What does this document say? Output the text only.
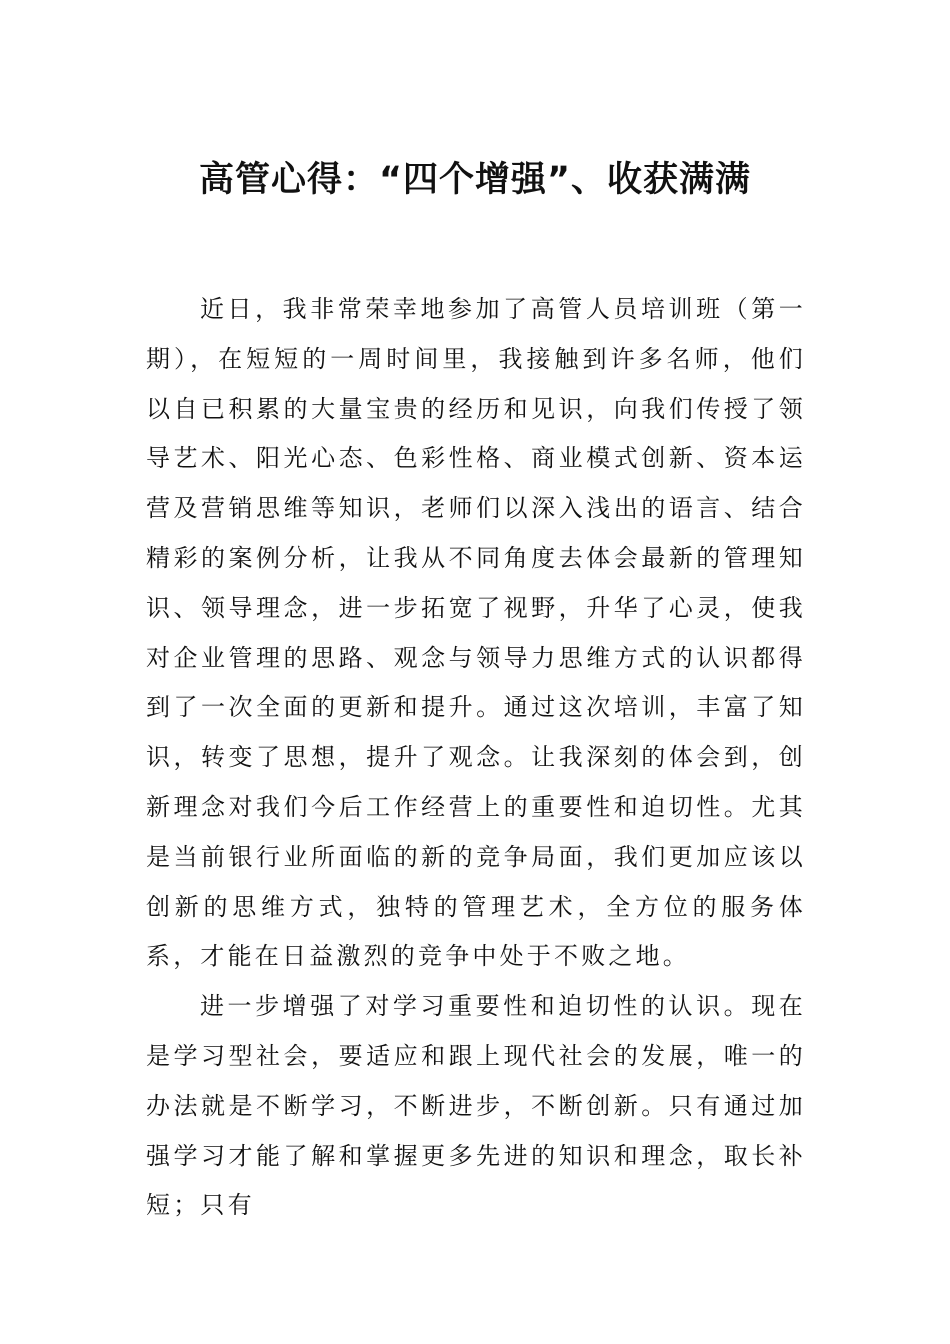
高管心得：“四个增强”、收获满满

近日，我非常荣幸地参加了高管人员培训班（第一期），在短短的一周时间里，我接触到许多名师，他们以自已积累的大量宝贵的经历和见识，向我们传授了领导艺术、阳光心态、色彩性格、商业模式创新、资本运营及营销思维等知识，老师们以深入浅出的语言、结合精彩的案例分析，让我从不同角度去体会最新的管理知识、领导理念，进一步拓宽了视野，升华了心灵，使我对企业管理的思路、观念与领导力思维方式的认识都得到了一次全面的更新和提升。通过这次培训，丰富了知识，转变了思想，提升了观念。让我深刻的体会到，创新理念对我们今后工作经营上的重要性和迫切性。尤其是当前银行业所面临的新的竞争局面，我们更加应该以创新的思维方式，独特的管理艺术，全方位的服务体系，才能在日益激烈的竞争中处于不败之地。

进一步增强了对学习重要性和迫切性的认识。现在是学习型社会，要适应和跟上现代社会的发展，唯一的办法就是不断学习，不断进步，不断创新。只有通过加强学习才能了解和掌握更多先进的知识和理念，取长补短；只有
